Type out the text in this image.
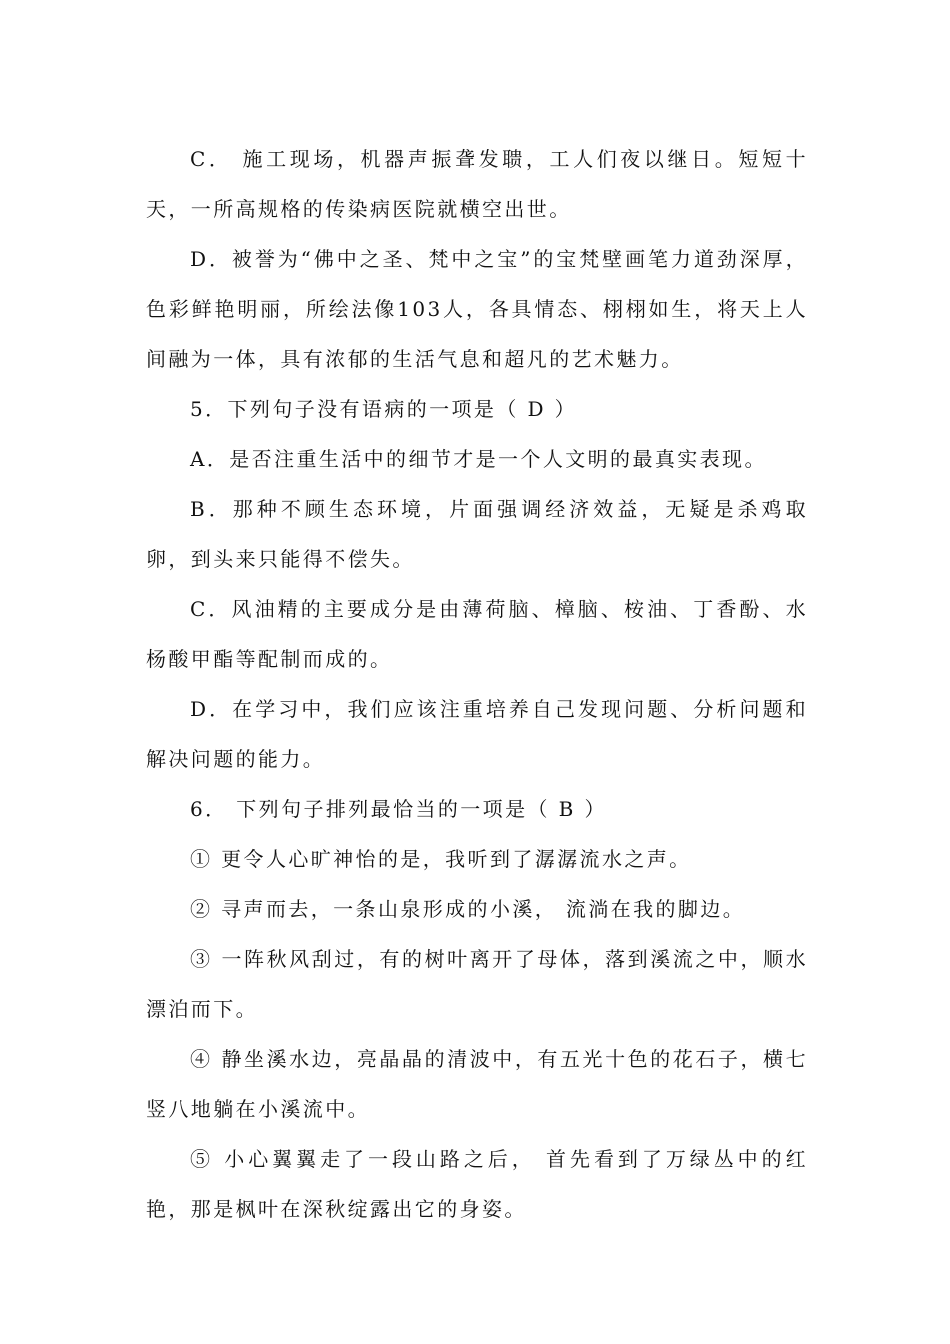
C． 施工现场，机器声振聋发聩，工人们夜以继日。短短十天，一所高规格的传染病医院就横空出世。

D．被誉为“佛中之圣、梵中之宝”的宝梵壁画笔力道劲深厚，色彩鲜艳明丽，所绘法像103人，各具情态、栩栩如生，将天上人间融为一体，具有浓郁的生活气息和超凡的艺术魅力。

5．下列句子没有语病的一项是（ D ）

A．是否注重生活中的细节才是一个人文明的最真实表现。

B．那种不顾生态环境，片面强调经济效益，无疑是杀鸡取卵，到头来只能得不偿失。

C．风油精的主要成分是由薄荷脑、樟脑、桉油、丁香酚、水杨酸甲酯等配制而成的。

D．在学习中，我们应该注重培养自己发现问题、分析问题和解决问题的能力。

6． 下列句子排列最恰当的一项是（ B ）

① 更令人心旷神怡的是，我听到了潺潺流水之声。

② 寻声而去，一条山泉形成的小溪， 流淌在我的脚边。

③ 一阵秋风刮过，有的树叶离开了母体，落到溪流之中，顺水漂泊而下。

④ 静坐溪水边，亮晶晶的清波中，有五光十色的花石子，横七竖八地躺在小溪流中。

⑤ 小心翼翼走了一段山路之后， 首先看到了万绿丛中的红艳，那是枫叶在深秋绽露出它的身姿。
